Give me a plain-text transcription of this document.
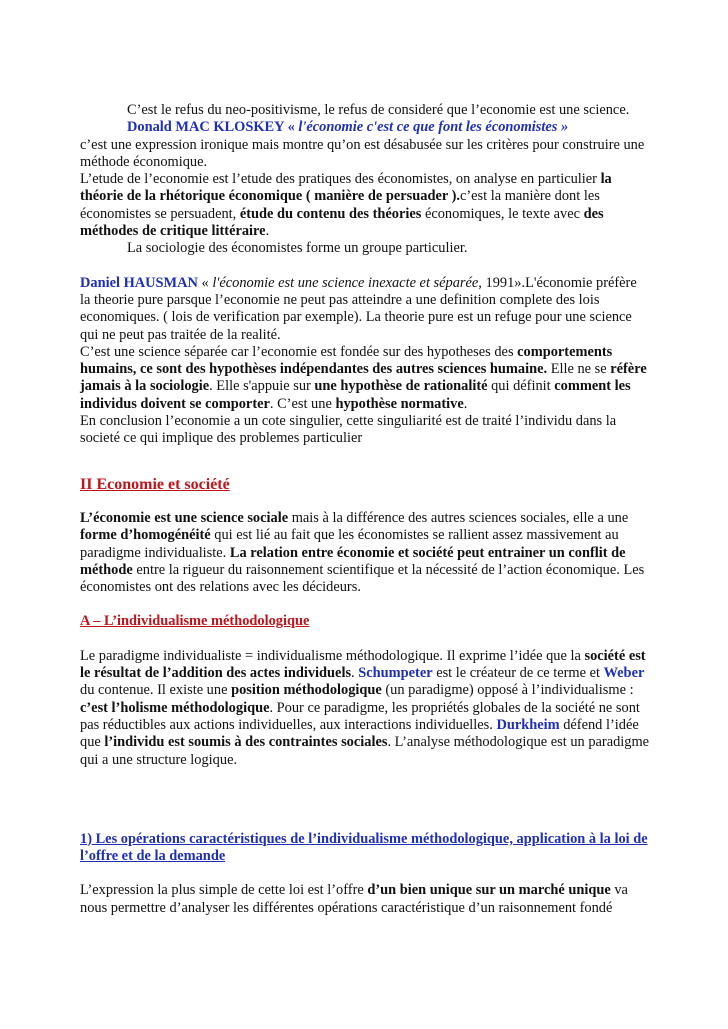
C’est le refus du neo-positivisme, le refus de consideré que l’economie est une science.

Donald MAC KLOSKEY « l'économie c'est ce que font les économistes »

c’est une expression ironique mais montre qu’on est désabusée sur les critères pour construire une méthode économique.

L’etude de l’economie est l’etude des pratiques des économistes, on analyse en particulier la théorie de la rhétorique économique ( manière de persuader ).c’est la manière dont les économistes se persuadent, étude du contenu des théories économiques, le texte avec des méthodes de critique littéraire.

La sociologie des économistes forme un groupe particulier.

Daniel HAUSMAN « l'économie est une science inexacte et séparée, 1991».L'économie préfère la theorie pure parsque l’economie ne peut pas atteindre a une definition complete des lois economiques. ( lois de verification par exemple). La theorie pure est un refuge pour une science qui ne peut pas traitée de la realité.

C’est une science séparée car l’economie est fondée sur des hypotheses des comportements humains, ce sont des hypothèses indépendantes des autres sciences humaine. Elle ne se réfère jamais à la sociologie. Elle s'appuie sur une hypothèse de rationalité qui définit comment les individus doivent se comporter. C’est une hypothèse normative.

En conclusion l’economie a un cote singulier, cette singuliarité est de traité l’individu dans la societé ce qui implique des problemes particulier

II Economie et société

L’économie est une science sociale mais à la différence des autres sciences sociales, elle a une forme d’homogénéité qui est lié au fait que les économistes se rallient assez massivement au paradigme individualiste. La relation entre économie et société peut entrainer un conflit de méthode entre la rigueur du raisonnement scientifique et la nécessité de l’action économique. Les économistes ont des relations avec les décideurs.

A – L’individualisme méthodologique

Le paradigme individualiste = individualisme méthodologique. Il exprime l’idée que la société est le résultat de l’addition des actes individuels. Schumpeter est le créateur de ce terme et Weber du contenue. Il existe une position méthodologique (un paradigme) opposé à l’individualisme : c’est l’holisme méthodologique. Pour ce paradigme, les propriétés globales de la société ne sont pas réductibles aux actions individuelles, aux interactions individuelles. Durkheim défend l’idée que l’individu est soumis à des contraintes sociales. L’analyse méthodologique est un paradigme qui a une structure logique.

1) Les opérations caractéristiques de l’individualisme méthodologique, application à la loi de l’offre et de la demande

L’expression la plus simple de cette loi est l’offre d’un bien unique sur un marché unique va nous permettre d’analyser les différentes opérations caractéristique d’un raisonnement fondé
